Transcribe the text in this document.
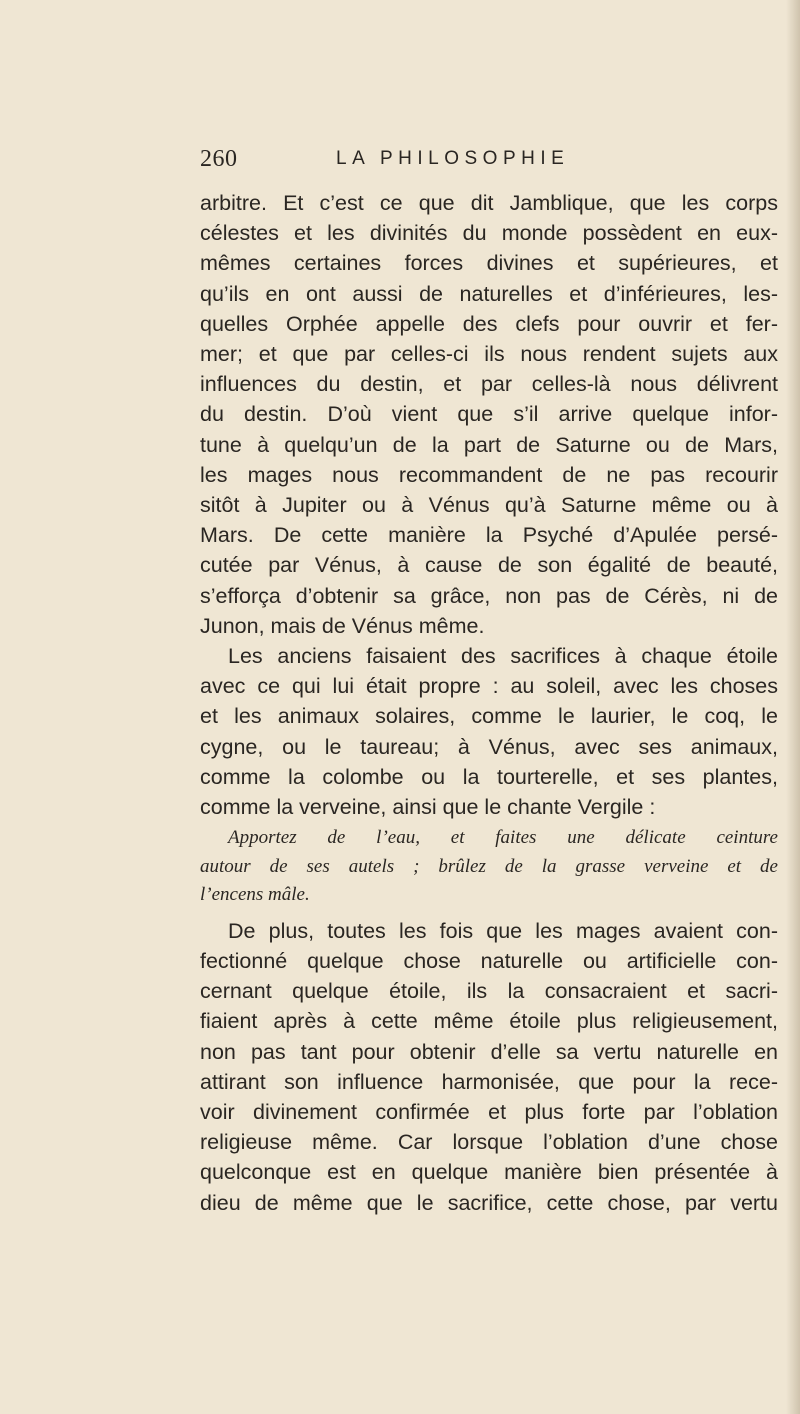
260	LA PHILOSOPHIE
arbitre. Et c’est ce que dit Jamblique, que les corps
célestes et les divinités du monde possèdent en eux-
mêmes certaines forces divines et supérieures, et
qu’ils en ont aussi de naturelles et d’inférieures, les-
quelles Orphée appelle des clefs pour ouvrir et fer-
mer; et que par celles-ci ils nous rendent sujets aux
influences du destin, et par celles-là nous délivrent
du destin. D’où vient que s’il arrive quelque infor-
tune à quelqu’un de la part de Saturne ou de Mars,
les mages nous recommandent de ne pas recourir
sitôt à Jupiter ou à Vénus qu’à Saturne même ou à
Mars. De cette manière la Psyché d’Apulée persé-
cutée par Vénus, à cause de son égalité de beauté,
s’efforça d’obtenir sa grâce, non pas de Cérès, ni de
Junon, mais de Vénus même.
Les anciens faisaient des sacrifices à chaque étoile
avec ce qui lui était propre : au soleil, avec les choses
et les animaux solaires, comme le laurier, le coq, le
cygne, ou le taureau; à Vénus, avec ses animaux,
comme la colombe ou la tourterelle, et ses plantes,
comme la verveine, ainsi que le chante Vergile :
Apportez de l’eau, et faites une délicate ceinture
autour de ses autels ; brûlez de la grasse verveine et de
l’encens mâle.
De plus, toutes les fois que les mages avaient con-
fectionné quelque chose naturelle ou artificielle con-
cernant quelque étoile, ils la consacraient et sacri-
fiaient après à cette même étoile plus religieusement,
non pas tant pour obtenir d’elle sa vertu naturelle en
attirant son influence harmonisée, que pour la rece-
voir divinement confirmée et plus forte par l’oblation
religieuse même. Car lorsque l’oblation d’une chose
quelconque est en quelque manière bien présentée à
dieu de même que le sacrifice, cette chose, par vertu
